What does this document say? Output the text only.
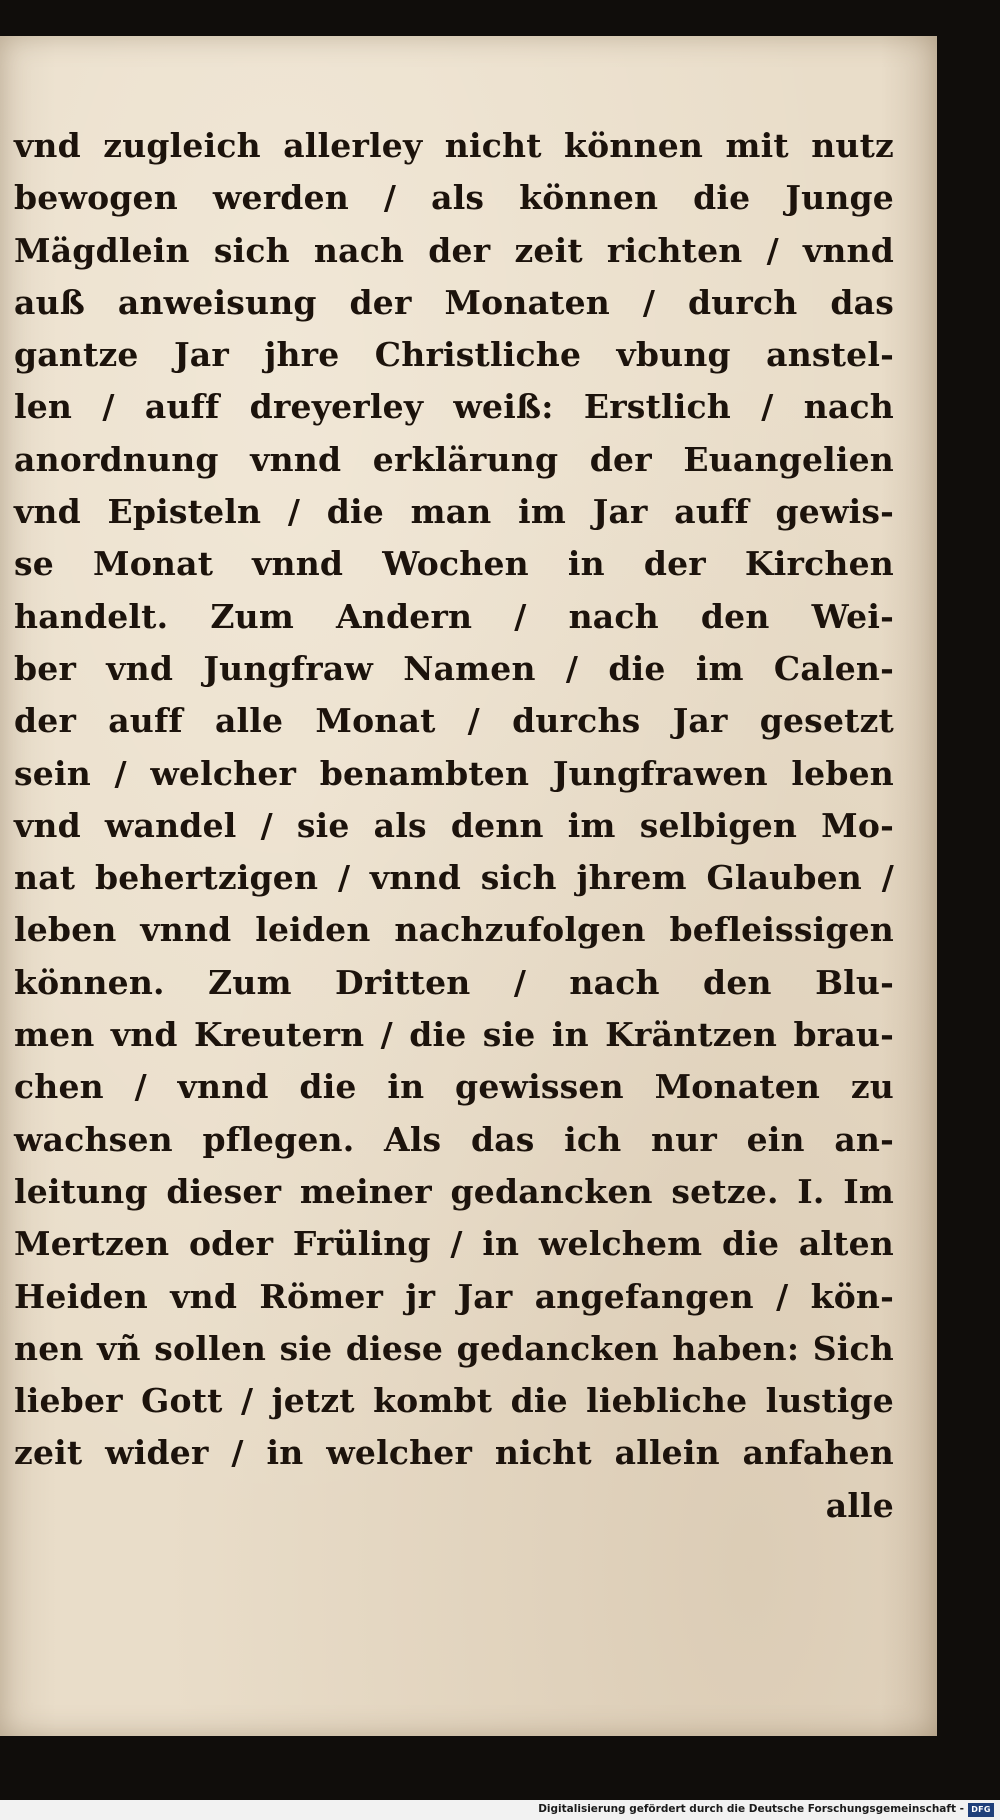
vnd zugleich allerley nicht können mit nutz
bewogen werden / als können die Junge
Mägdlein sich nach der zeit richten / vnnd
auß anweisung der Monaten / durch das
gantze Jar jhre Christliche vbung anstel-
len / auff dreyerley weiß: Erstlich / nach
anordnung vnnd erklärung der Euangelien
vnd Episteln / die man im Jar auff gewis-
se Monat vnnd Wochen in der Kirchen
handelt. Zum Andern / nach den Wei-
ber vnd Jungfraw Namen / die im Calen-
der auff alle Monat / durchs Jar gesetzt
sein / welcher benambten Jungfrawen leben
vnd wandel / sie als denn im selbigen Mo-
nat behertzigen / vnnd sich jhrem Glauben /
leben vnnd leiden nachzufolgen befleissigen
können. Zum Dritten / nach den Blu-
men vnd Kreutern / die sie in Kräntzen brau-
chen / vnnd die in gewissen Monaten zu
wachsen pflegen. Als das ich nur ein an-
leitung dieser meiner gedancken setze. I. Im
Mertzen oder Früling / in welchem die alten
Heiden vnd Römer jr Jar angefangen / kön-
nen vñ sollen sie diese gedancken haben: Sich
lieber Gott / jetzt kombt die liebliche lustige
zeit wider / in welcher nicht allein anfahen
alle
Digitalisierung gefördert durch die Deutsche Forschungsgemeinschaft - DFG
